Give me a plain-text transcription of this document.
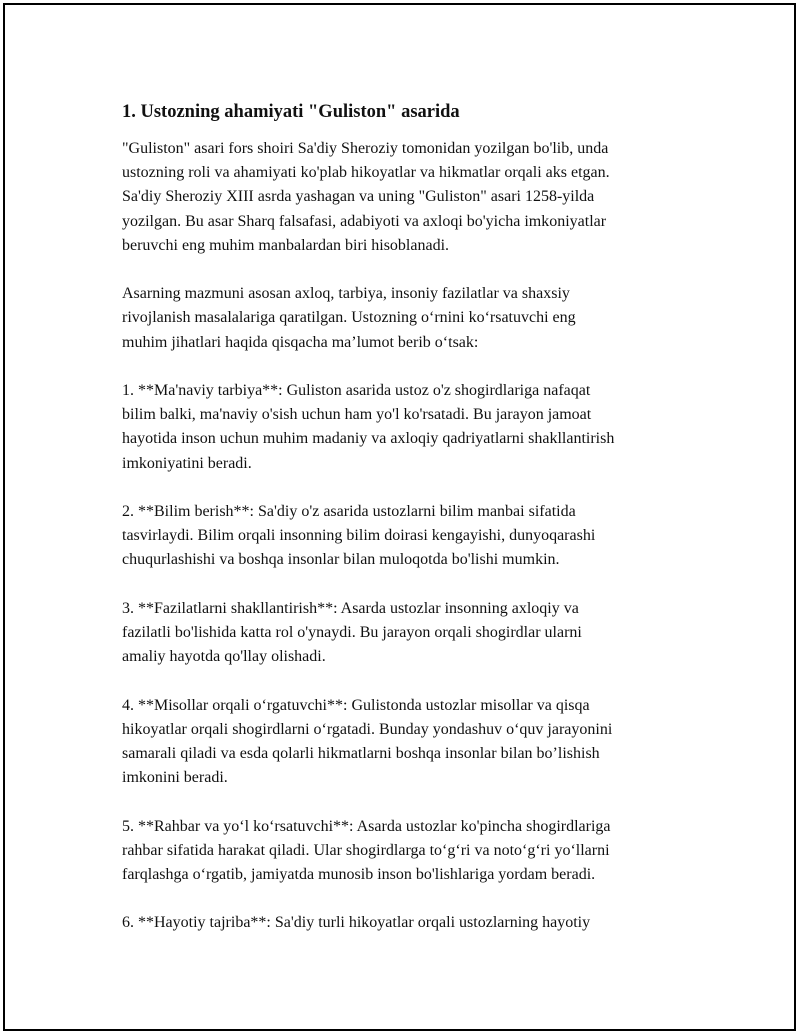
1. Ustozning ahamiyati "Guliston" asarida

"Guliston" asari fors shoiri Sa'diy Sheroziy tomonidan yozilgan bo'lib, unda
ustozning roli va ahamiyati ko'plab hikoyatlar va hikmatlar orqali aks etgan.
Sa'diy Sheroziy XIII asrda yashagan va uning "Guliston" asari 1258-yilda
yozilgan. Bu asar Sharq falsafasi, adabiyoti va axloqi bo'yicha imkoniyatlar
beruvchi eng muhim manbalardan biri hisoblanadi.

Asarning mazmuni asosan axloq, tarbiya, insoniy fazilatlar va shaxsiy
rivojlanish masalalariga qaratilgan. Ustozning o‘rnini ko‘rsatuvchi eng
muhim jihatlari haqida qisqacha ma’lumot berib o‘tsak:

1. **Ma'naviy tarbiya**: Guliston asarida ustoz o'z shogirdlariga nafaqat
bilim balki, ma'naviy o'sish uchun ham yo'l ko'rsatadi. Bu jarayon jamoat
hayotida inson uchun muhim madaniy va axloqiy qadriyatlarni shakllantirish
imkoniyatini beradi.

2. **Bilim berish**: Sa'diy o'z asarida ustozlarni bilim manbai sifatida
tasvirlaydi. Bilim orqali insonning bilim doirasi kengayishi, dunyoqarashi
chuqurlashishi va boshqa insonlar bilan muloqotda bo'lishi mumkin.

3. **Fazilatlarni shakllantirish**: Asarda ustozlar insonning axloqiy va
fazilatli bo'lishida katta rol o'ynaydi. Bu jarayon orqali shogirdlar ularni
amaliy hayotda qo'llay olishadi.

4. **Misollar orqali o‘rgatuvchi**: Gulistonda ustozlar misollar va qisqa
hikoyatlar orqali shogirdlarni o‘rgatadi. Bunday yondashuv o‘quv jarayonini
samarali qiladi va esda qolarli hikmatlarni boshqa insonlar bilan bo’lishish
imkonini beradi.

5. **Rahbar va yo‘l ko‘rsatuvchi**: Asarda ustozlar ko'pincha shogirdlariga
rahbar sifatida harakat qiladi. Ular shogirdlarga to‘g‘ri va noto‘g‘ri yo‘llarni
farqlashga o‘rgatib, jamiyatda munosib inson bo'lishlariga yordam beradi.

6. **Hayotiy tajriba**: Sa'diy turli hikoyatlar orqali ustozlarning hayotiy
